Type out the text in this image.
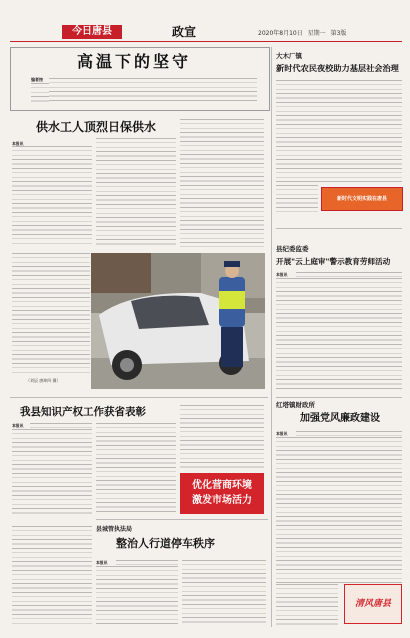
今日唐县	政宣	2020年8月10日 星期一 第3版
高温下的坚守
编者按
供水工人顶烈日保供水
本报讯
（刘辰 唐坤四 摄）
大木厂镇
新时代农民夜校助力基层社会治理
新时代文明实践在唐县
县纪委监委
开展"云上庭审"警示教育劳师活动
本报讯
红塔镇财政所
加强党风廉政建设
本报讯
清风唐县
我县知识产权工作获省表彰
本报讯
优化营商环境
激发市场活力
县城管执法局
整治人行道停车秩序
本报讯
